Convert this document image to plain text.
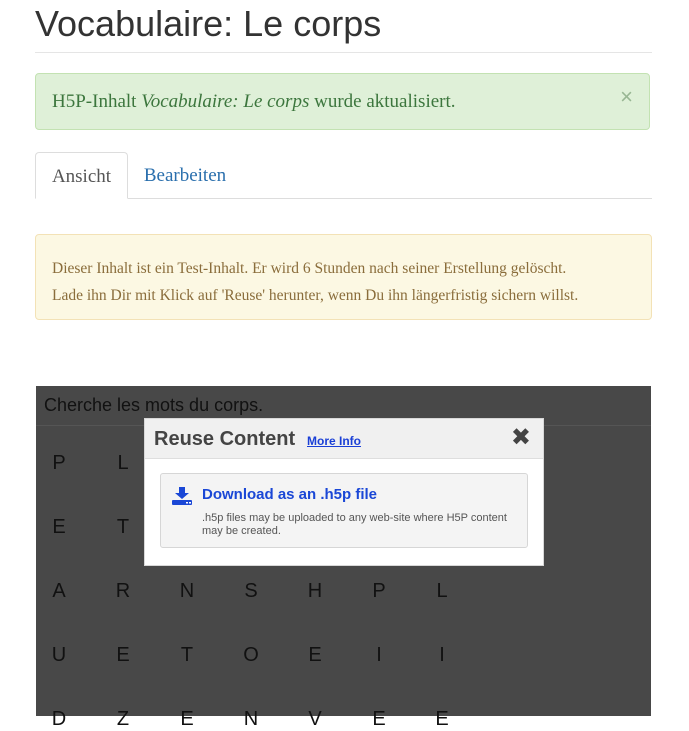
Vocabulaire: Le corps
H5P-Inhalt Vocabulaire: Le corps wurde aktualisiert.	×
Ansicht	Bearbeiten
Dieser Inhalt ist ein Test-Inhalt. Er wird 6 Stunden nach seiner Erstellung gelöscht.
Lade ihn Dir mit Klick auf 'Reuse' herunter, wenn Du ihn längerfristig sichern willst.
Cherche les mots du corps.
P	L
E	T
A	R	N	S	H	P	L
U	E	T	O	E	I	I
D	Z	E	N	V	E	E
Reuse Content More Info	✖
Download as an .h5p file
.h5p files may be uploaded to any web-site where H5P content may be created.
